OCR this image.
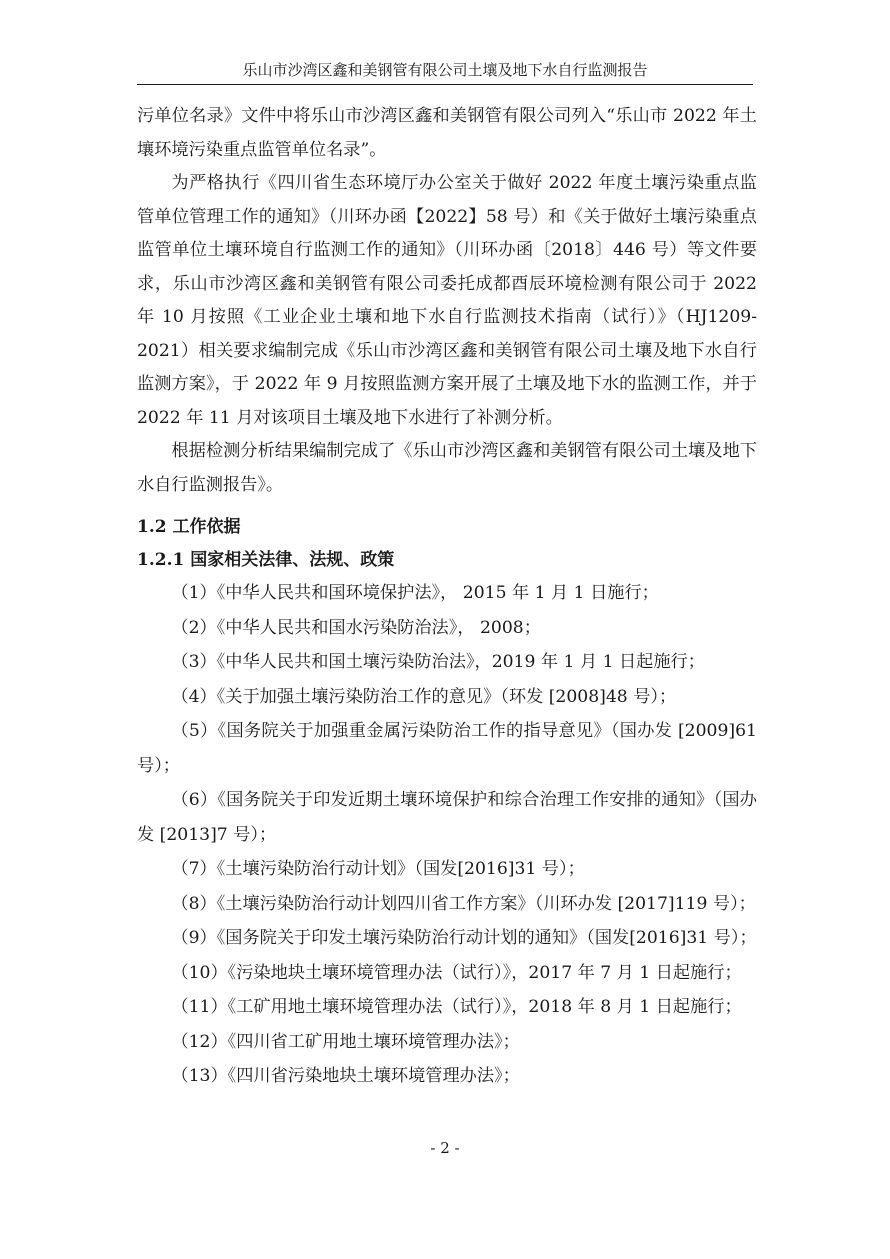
乐山市沙湾区鑫和美钢管有限公司土壤及地下水自行监测报告

污单位名录》文件中将乐山市沙湾区鑫和美钢管有限公司列入“乐山市 2022 年土壤环境污染重点监管单位名录”。

为严格执行《四川省生态环境厅办公室关于做好 2022 年度土壤污染重点监管单位管理工作的通知》（川环办函【2022】58 号）和《关于做好土壤污染重点监管单位土壤环境自行监测工作的通知》（川环办函〔2018〕446 号）等文件要求，乐山市沙湾区鑫和美钢管有限公司委托成都酉辰环境检测有限公司于 2022 年 10 月按照《工业企业土壤和地下水自行监测技术指南（试行）》（HJ1209-2021）相关要求编制完成《乐山市沙湾区鑫和美钢管有限公司土壤及地下水自行监测方案》，于 2022 年 9 月按照监测方案开展了土壤及地下水的监测工作，并于 2022 年 11 月对该项目土壤及地下水进行了补测分析。

根据检测分析结果编制完成了《乐山市沙湾区鑫和美钢管有限公司土壤及地下水自行监测报告》。

1.2 工作依据

1.2.1 国家相关法律、法规、政策

（1）《中华人民共和国环境保护法》， 2015 年 1 月 1 日施行；

（2）《中华人民共和国水污染防治法》， 2008；

（3）《中华人民共和国土壤污染防治法》，2019 年 1 月 1 日起施行；

（4）《关于加强土壤污染防治工作的意见》（环发 [2008]48 号）；

（5）《国务院关于加强重金属污染防治工作的指导意见》（国办发 [2009]61 号）；

（6）《国务院关于印发近期土壤环境保护和综合治理工作安排的通知》（国办发 [2013]7 号）；

（7）《土壤污染防治行动计划》（国发[2016]31 号）；

（8）《土壤污染防治行动计划四川省工作方案》（川环办发 [2017]119 号）；

（9）《国务院关于印发土壤污染防治行动计划的通知》（国发[2016]31 号）；

（10）《污染地块土壤环境管理办法（试行）》，2017 年 7 月 1 日起施行；

（11）《工矿用地土壤环境管理办法（试行）》，2018 年 8 月 1 日起施行；

（12）《四川省工矿用地土壤环境管理办法》；

（13）《四川省污染地块土壤环境管理办法》；

- 2 -
